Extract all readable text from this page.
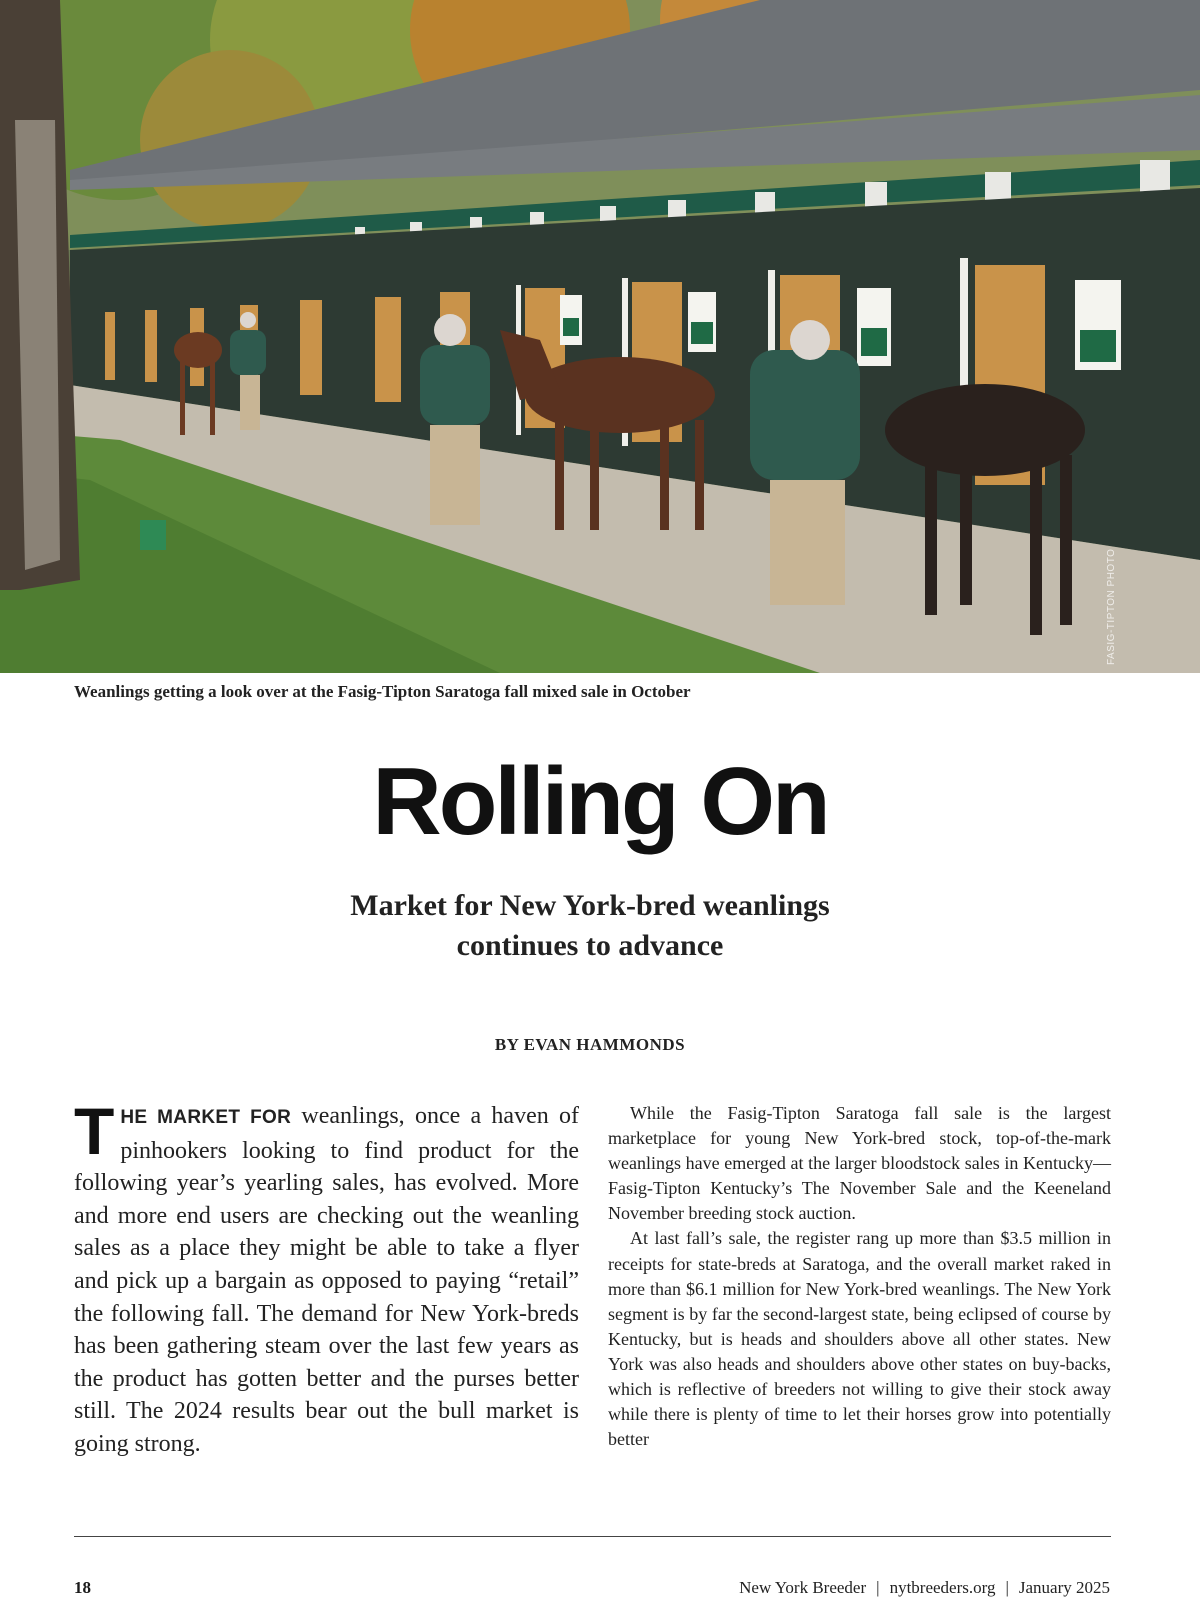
FASIG-TIPTON PHOTO
Weanlings getting a look over at the Fasig-Tipton Saratoga fall mixed sale in October
Rolling On
Market for New York-bred weanlings
continues to advance
BY EVAN HAMMONDS
THE MARKET FOR weanlings, once a haven of pinhookers looking to find product for the following year’s yearling sales, has evolved. More and more end users are checking out the weanling sales as a place they might be able to take a flyer and pick up a bargain as opposed to paying “retail” the following fall. The demand for New York-breds has been gathering steam over the last few years as the product has gotten better and the purses better still. The 2024 results bear out the bull market is going strong.

While the Fasig-Tipton Saratoga fall sale is the largest marketplace for young New York-bred stock, top-of-the-mark weanlings have emerged at the larger bloodstock sales in Kentucky—Fasig-Tipton Kentucky’s The November Sale and the Keeneland November breeding stock auction.

At last fall’s sale, the register rang up more than $3.5 million in receipts for state-breds at Saratoga, and the overall market raked in more than $6.1 million for New York-bred weanlings. The New York segment is by far the second-largest state, being eclipsed of course by Kentucky, but is heads and shoulders above all other states. New York was also heads and shoulders above other states on buy-backs, which is reflective of breeders not willing to give their stock away while there is plenty of time to let their horses grow into potentially better

18	New York Breeder | nytbreeders.org | January 2025
